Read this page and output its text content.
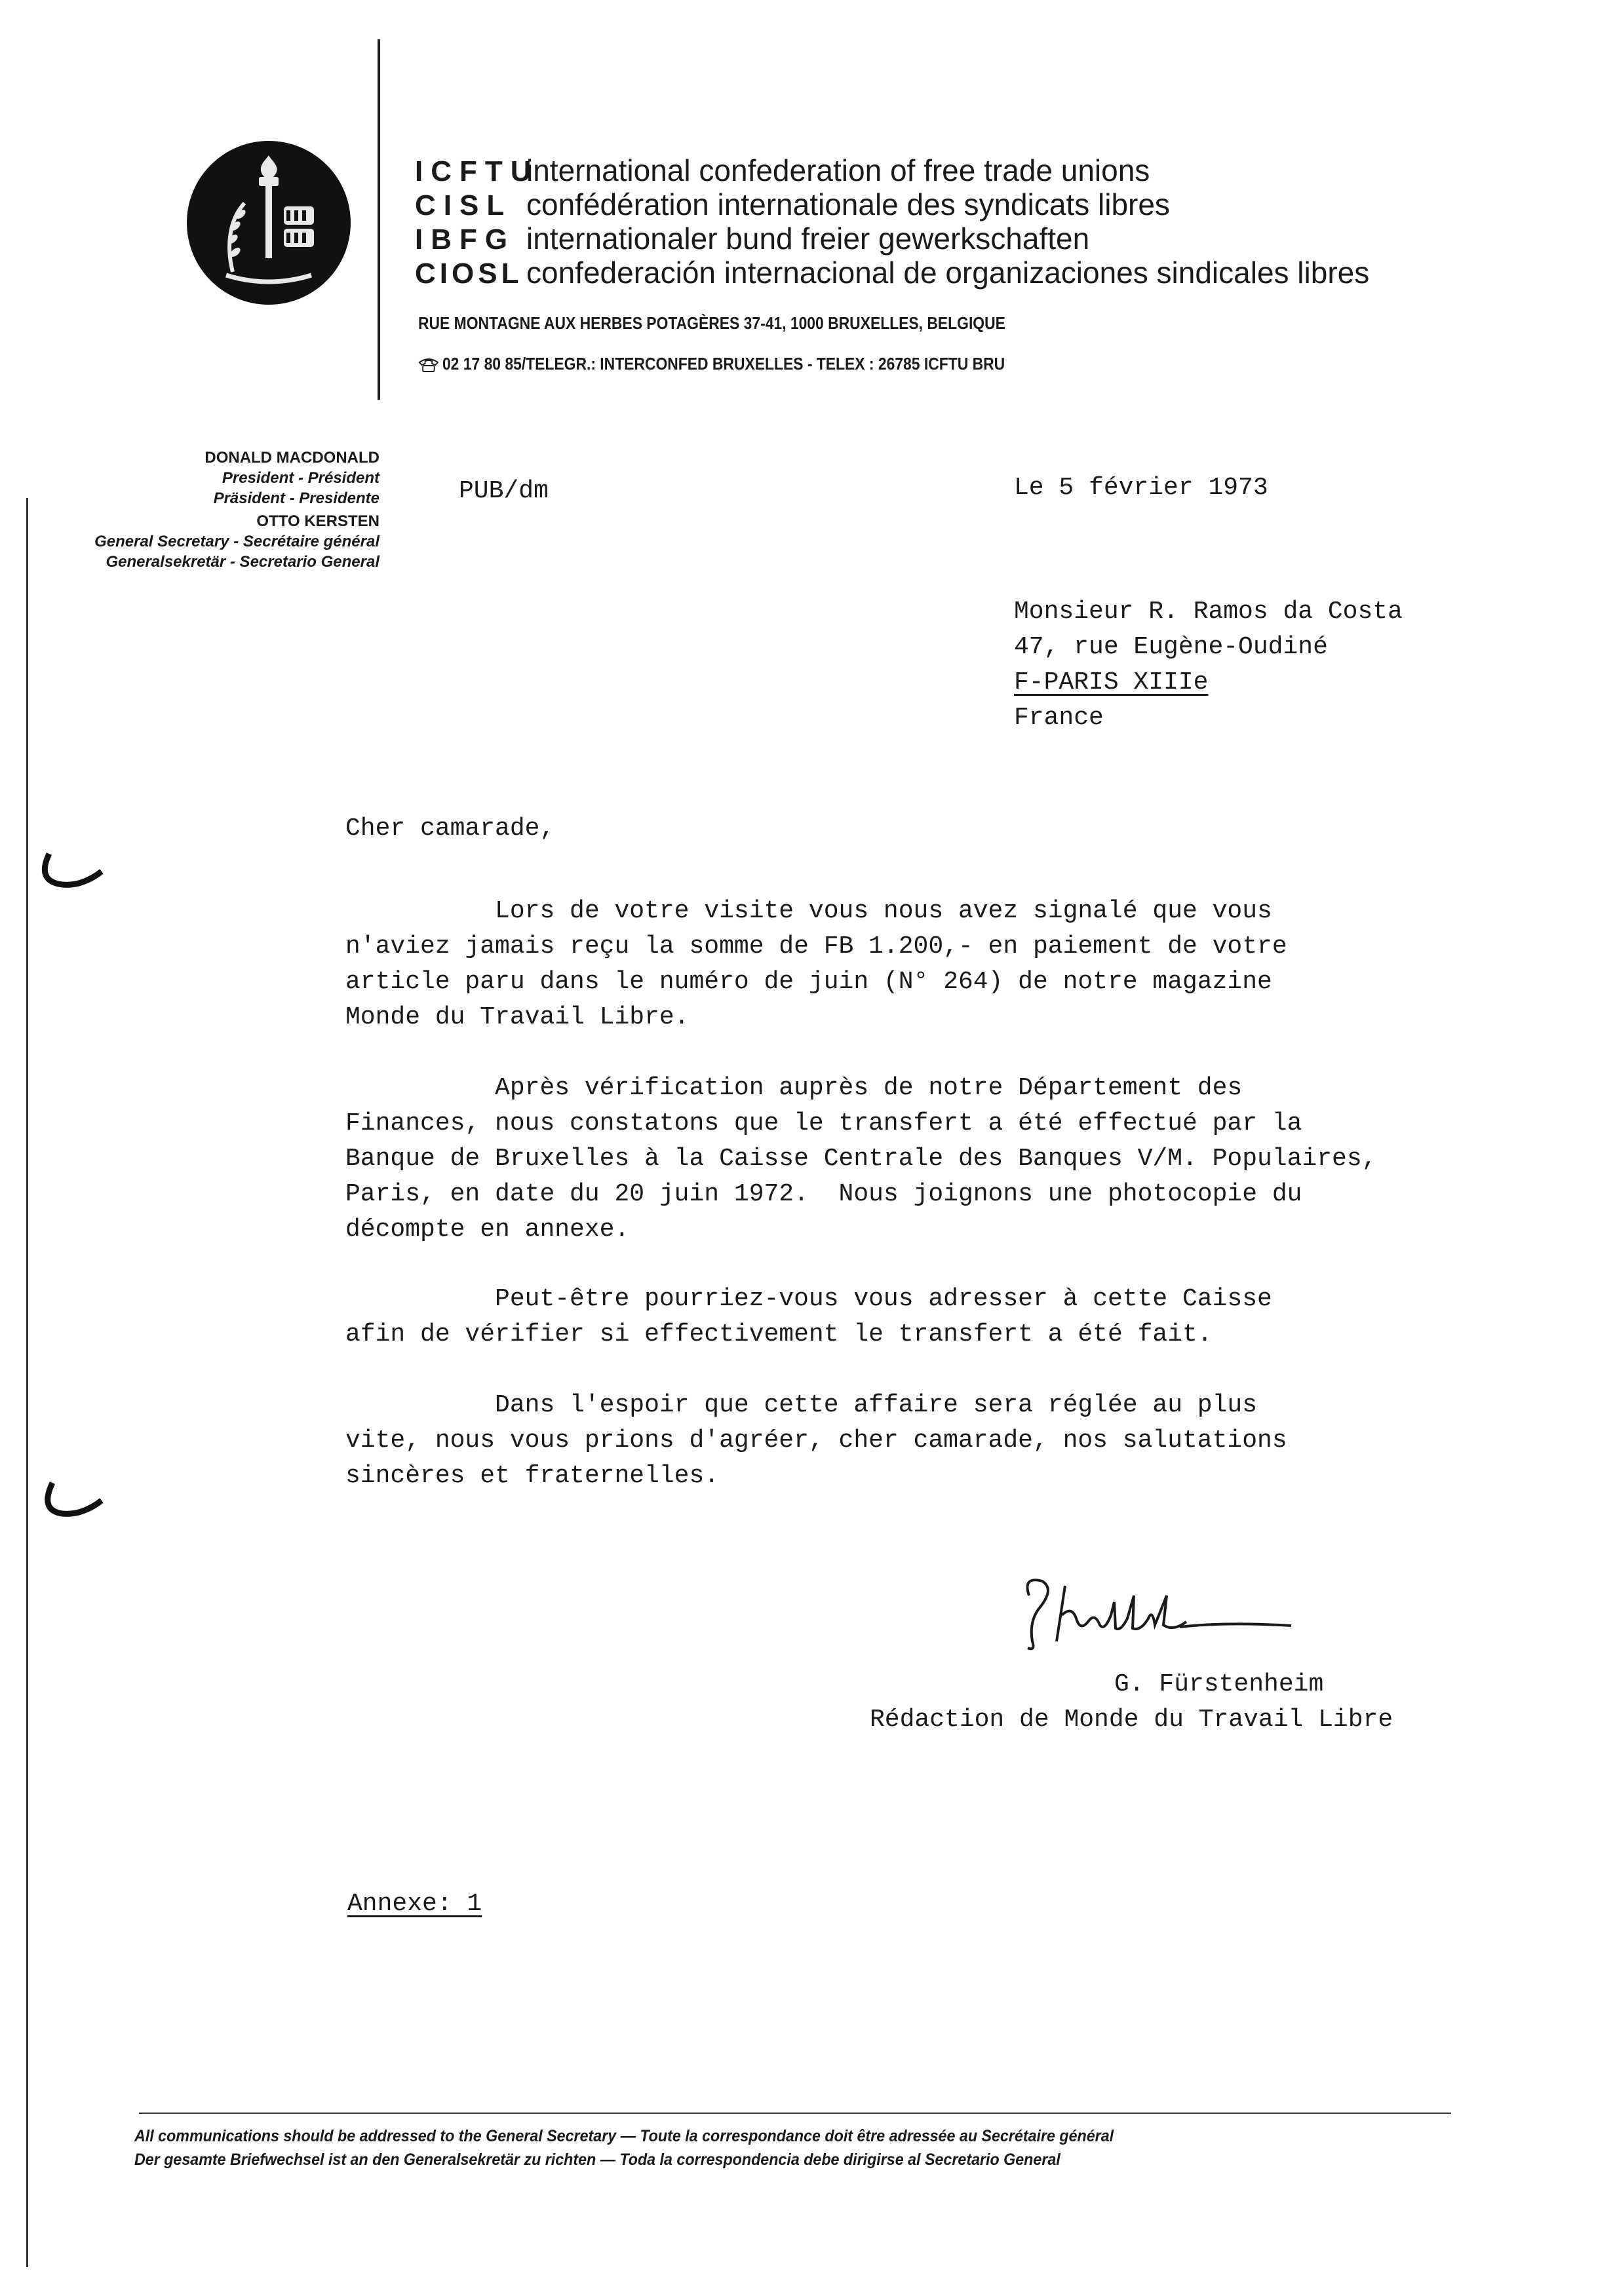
ICFTUinternational confederation of free trade unions
CISL confédération internationale des syndicats libres
IBFG internationaler bund freier gewerkschaften
CIOSL confederación internacional de organizaciones sindicales libres
RUE MONTAGNE AUX HERBES POTAGÈRES 37-41, 1000 BRUXELLES, BELGIQUE
02 17 80 85/TELEGR.: INTERCONFED BRUXELLES - TELEX : 26785 ICFTU BRU
DONALD MACDONALD
President - Président
Präsident - Presidente
OTTO KERSTEN
General Secretary - Secrétaire général
Generalsekretär - Secretario General
PUB/dm	Le 5 février 1973
Monsieur R. Ramos da Costa
47, rue Eugène-Oudiné
F-PARIS XIIIe
France
Cher camarade,
Lors de votre visite vous nous avez signalé que vous
n'aviez jamais reçu la somme de FB 1.200,- en paiement de votre
article paru dans le numéro de juin (N° 264) de notre magazine
Monde du Travail Libre.
Après vérification auprès de notre Département des
Finances, nous constatons que le transfert a été effectué par la
Banque de Bruxelles à la Caisse Centrale des Banques V/M. Populaires,
Paris, en date du 20 juin 1972.  Nous joignons une photocopie du
décompte en annexe.
Peut-être pourriez-vous vous adresser à cette Caisse
afin de vérifier si effectivement le transfert a été fait.
Dans l'espoir que cette affaire sera réglée au plus
vite, nous vous prions d'agréer, cher camarade, nos salutations
sincères et fraternelles.
G. Fürstenheim
Rédaction de Monde du Travail Libre
Annexe: 1
All communications should be addressed to the General Secretary — Toute la correspondance doit être adressée au Secrétaire général
Der gesamte Briefwechsel ist an den Generalsekretär zu richten — Toda la correspondencia debe dirigirse al Secretario General
